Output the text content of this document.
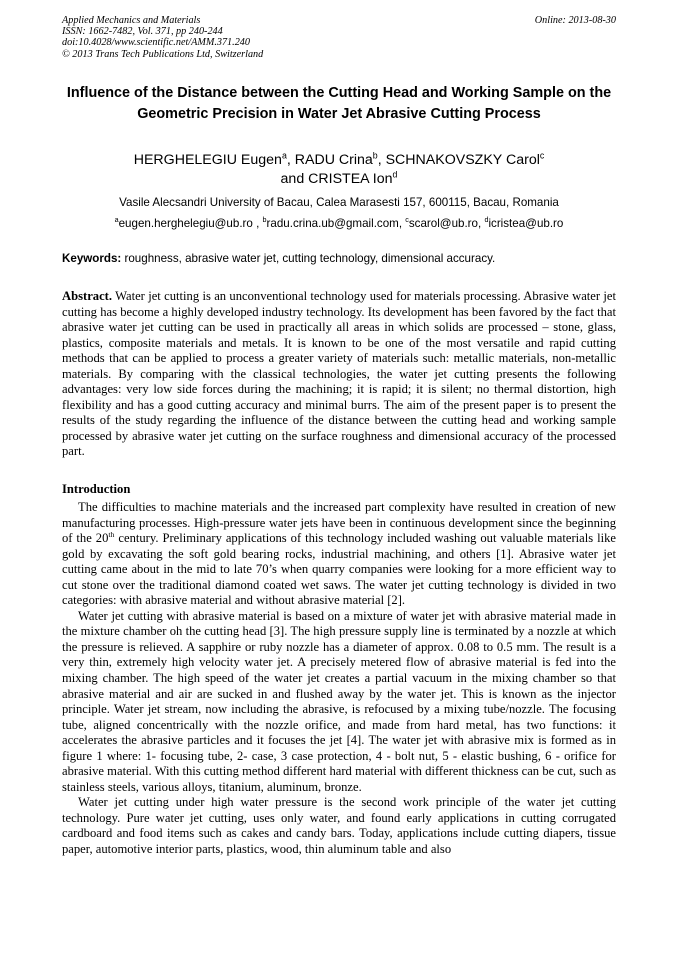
Applied Mechanics and Materials
ISSN: 1662-7482, Vol. 371, pp 240-244
doi:10.4028/www.scientific.net/AMM.371.240
© 2013 Trans Tech Publications Ltd, Switzerland
Online: 2013-08-30
Influence of the Distance between the Cutting Head and Working Sample on the Geometric Precision in Water Jet Abrasive Cutting Process
HERGHELEGIU Eugen$^a$, RADU Crina$^b$, SCHNAKOVSZKY Carol$^c$
and CRISTEA Ion$^d$
Vasile Alecsandri University of Bacau, Calea Marasesti 157, 600115, Bacau, Romania
$^a$eugen.herghelegiu@ub.ro , $^b$radu.crina.ub@gmail.com, $^c$scarol@ub.ro, $^d$icristea@ub.ro
Keywords: roughness, abrasive water jet, cutting technology, dimensional accuracy.
Abstract. Water jet cutting is an unconventional technology used for materials processing. Abrasive water jet cutting has become a highly developed industry technology. Its development has been favored by the fact that abrasive water jet cutting can be used in practically all areas in which solids are processed – stone, glass, plastics, composite materials and metals. It is known to be one of the most versatile and rapid cutting methods that can be applied to process a greater variety of materials such: metallic materials, non-metallic materials. By comparing with the classical technologies, the water jet cutting presents the following advantages: very low side forces during the machining; it is rapid; it is silent; no thermal distortion, high flexibility and has a good cutting accuracy and minimal burrs. The aim of the present paper is to present the results of the study regarding the influence of the distance between the cutting head and working sample processed by abrasive water jet cutting on the surface roughness and dimensional accuracy of the processed part.
Introduction

The difficulties to machine materials and the increased part complexity have resulted in creation of new manufacturing processes. High-pressure water jets have been in continuous development since the beginning of the 20th century. Preliminary applications of this technology included washing out valuable materials like gold by excavating the soft gold bearing rocks, industrial machining, and others [1]. Abrasive water jet cutting came about in the mid to late 70’s when quarry companies were looking for a more efficient way to cut stone over the traditional diamond coated wet saws. The water jet cutting technology is divided in two categories: with abrasive material and without abrasive material [2].

Water jet cutting with abrasive material is based on a mixture of water jet with abrasive material made in the mixture chamber oh the cutting head [3]. The high pressure supply line is terminated by a nozzle at which the pressure is relieved. A sapphire or ruby nozzle has a diameter of approx. 0.08 to 0.5 mm. The result is a very thin, extremely high velocity water jet. A precisely metered flow of abrasive material is fed into the mixing chamber. The high speed of the water jet creates a partial vacuum in the mixing chamber so that abrasive material and air are sucked in and flushed away by the water jet. This is known as the injector principle. Water jet stream, now including the abrasive, is refocused by a mixing tube/nozzle. The focusing tube, aligned concentrically with the nozzle orifice, and made from hard metal, has two functions: it accelerates the abrasive particles and it focuses the jet [4]. The water jet with abrasive mix is formed as in figure 1 where: 1- focusing tube, 2- case, 3 case protection, 4 - bolt nut, 5 - elastic bushing, 6 - orifice for abrasive material. With this cutting method different hard material with different thickness can be cut, such as stainless steels, various alloys, titanium, aluminum, bronze.

Water jet cutting under high water pressure is the second work principle of the water jet cutting technology. Pure water jet cutting, uses only water, and found early applications in cutting corrugated cardboard and food items such as cakes and candy bars. Today, applications include cutting diapers, tissue paper, automotive interior parts, plastics, wood, thin aluminum table and also
